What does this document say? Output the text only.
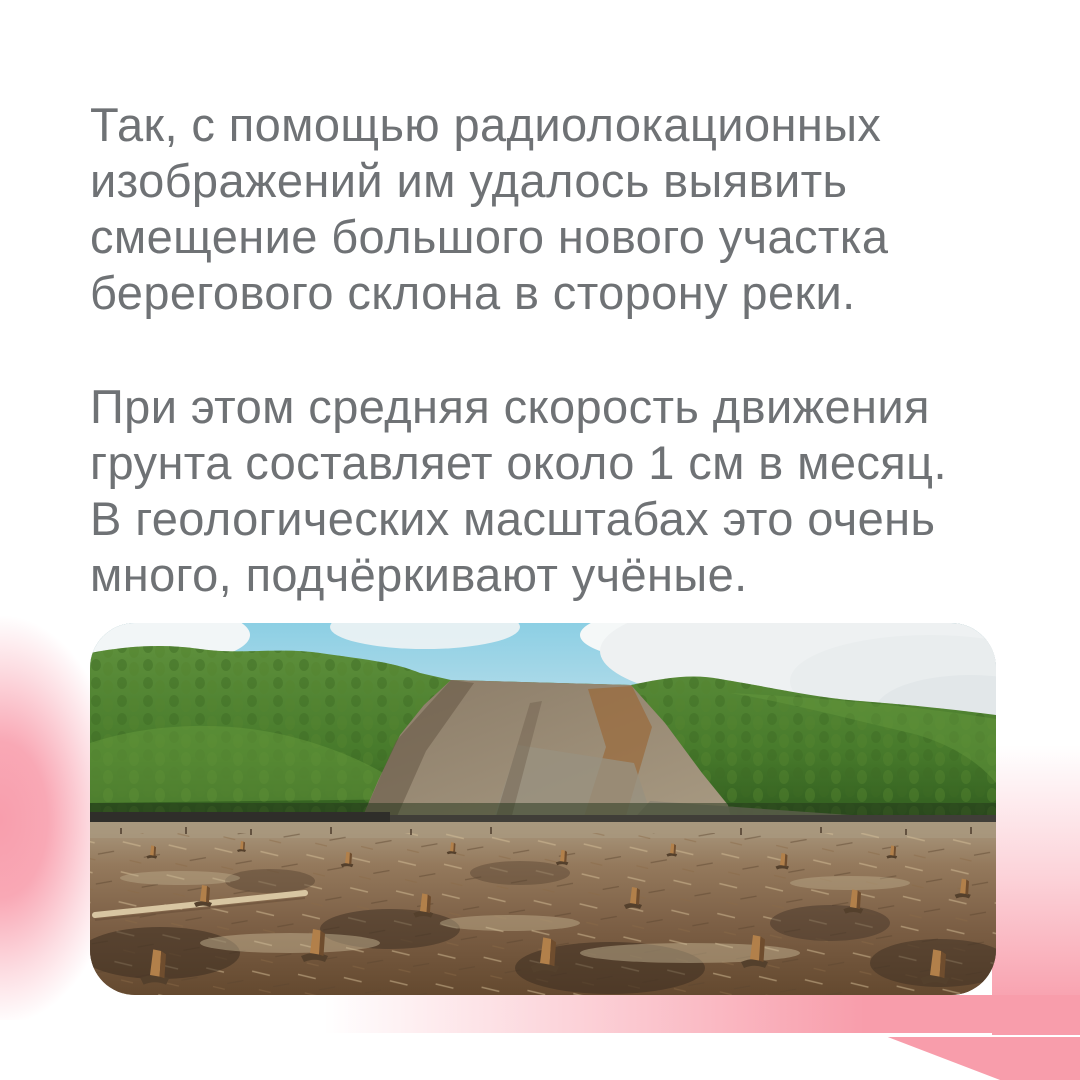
Так, с помощью радиолокационных
изображений им удалось выявить
смещение большого нового участка
берегового склона в сторону реки.
При этом средняя скорость движения
грунта составляет около 1 см в месяц.
В геологических масштабах это очень
много, подчёркивают учёные.
